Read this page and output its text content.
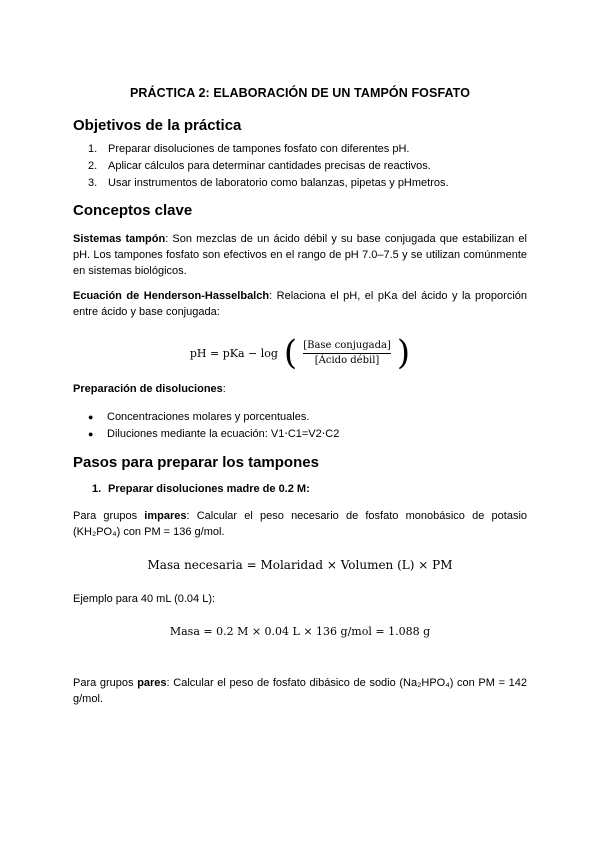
PRÁCTICA 2: ELABORACIÓN DE UN TAMPÓN FOSFATO
Objetivos de la práctica
1. Preparar disoluciones de tampones fosfato con diferentes pH.
2. Aplicar cálculos para determinar cantidades precisas de reactivos.
3. Usar instrumentos de laboratorio como balanzas, pipetas y pHmetros.
Conceptos clave
Sistemas tampón: Son mezclas de un ácido débil y su base conjugada que estabilizan el pH. Los tampones fosfato son efectivos en el rango de pH 7.0–7.5 y se utilizan comúnmente en sistemas biológicos.
Ecuación de Henderson-Hasselbalch: Relaciona el pH, el pKa del ácido y la proporción entre ácido y base conjugada:
pH = pKa − log ( $\frac{\text{[Base conjugada]}}{\text{[Ácido débil]}}$ )
Preparación de disoluciones:
● Concentraciones molares y porcentuales.
● Diluciones mediante la ecuación: V1⋅C1=V2⋅C2
Pasos para preparar los tampones
1. Preparar disoluciones madre de 0.2 M:
Para grupos impares: Calcular el peso necesario de fosfato monobásico de potasio (KH₂PO₄) con PM = 136 g/mol.
Masa necesaria = Molaridad × Volumen (L) × PM
Ejemplo para 40 mL (0.04 L):
Masa = 0.2 M × 0.04 L × 136 g/mol = 1.088 g
Para grupos pares: Calcular el peso de fosfato dibásico de sodio (Na₂HPO₄) con PM = 142 g/mol.
